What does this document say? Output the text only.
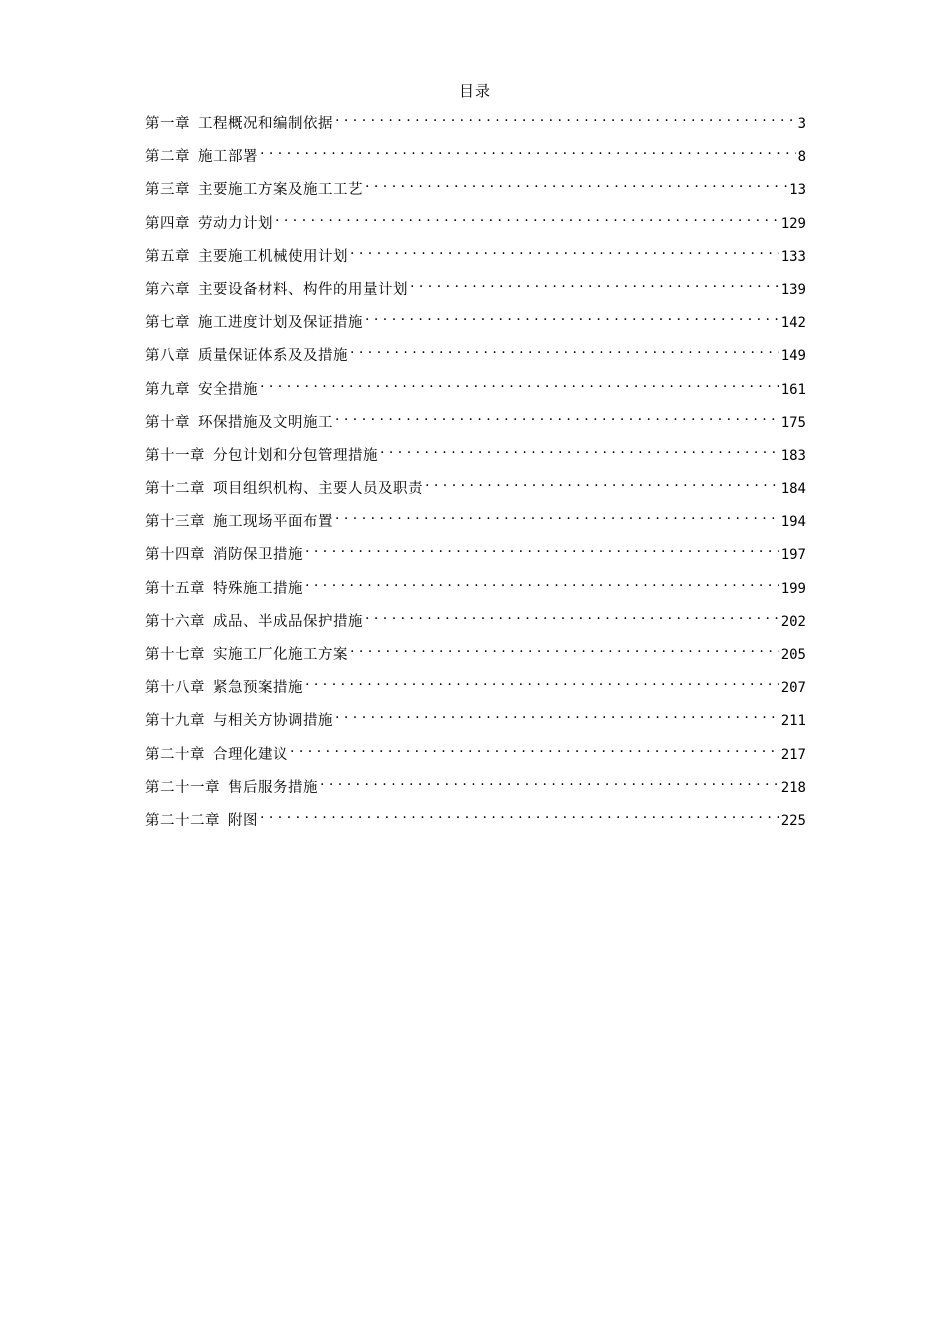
目录
第一章 工程概况和编制依据 . . .	3
第二章 施工部署 . . .	8
第三章 主要施工方案及施工工艺 . . .	13
第四章 劳动力计划 . . .	129
第五章 主要施工机械使用计划 . . .	133
第六章 主要设备材料、构件的用量计划 . . .	139
第七章 施工进度计划及保证措施 . . .	142
第八章 质量保证体系及及措施 . . .	149
第九章 安全措施 . . .	161
第十章 环保措施及文明施工 . . .	175
第十一章 分包计划和分包管理措施 . . .	183
第十二章 项目组织机构、主要人员及职责 . . .	184
第十三章 施工现场平面布置 . . .	194
第十四章 消防保卫措施 . . .	197
第十五章 特殊施工措施 . . .	199
第十六章 成品、半成品保护措施 . . .	202
第十七章 实施工厂化施工方案 . . .	205
第十八章 紧急预案措施 . . .	207
第十九章 与相关方协调措施 . . .	211
第二十章 合理化建议 . . .	217
第二十一章 售后服务措施 . . .	218
第二十二章 附图 . . .	225
